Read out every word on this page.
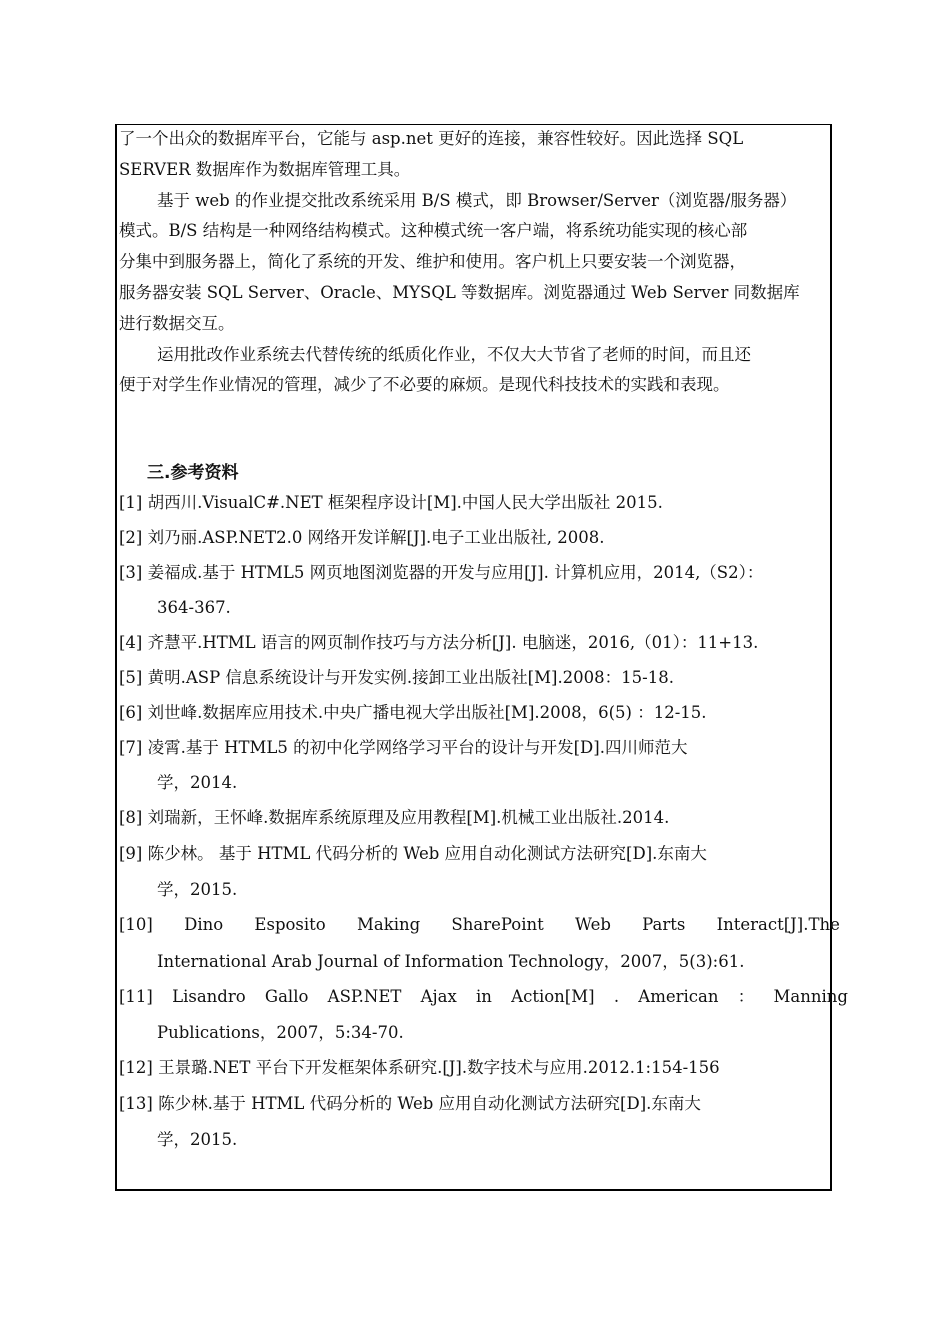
了一个出众的数据库平台，它能与 asp.net 更好的连接，兼容性较好。因此选择 SQL
SERVER 数据库作为数据库管理工具。
基于 web 的作业提交批改系统采用 B/S 模式，即 Browser/Server（浏览器/服务器）
模式。B/S 结构是一种网络结构模式。这种模式统一客户端，将系统功能实现的核心部
分集中到服务器上，简化了系统的开发、维护和使用。客户机上只要安装一个浏览器，
服务器安装 SQL Server、Oracle、MYSQL 等数据库。浏览器通过 Web Server 同数据库
进行数据交互。
运用批改作业系统去代替传统的纸质化作业，不仅大大节省了老师的时间，而且还
便于对学生作业情况的管理，减少了不必要的麻烦。是现代科技技术的实践和表现。
三.参考资料
[1] 胡西川.VisualC#.NET 框架程序设计[M].中国人民大学出版社 2015.
[2] 刘乃丽.ASP.NET2.0 网络开发详解[J].电子工业出版社, 2008.
[3] 姜福成.基于 HTML5 网页地图浏览器的开发与应用[J]. 计算机应用，2014,（S2）：
364-367.
[4] 齐慧平.HTML 语言的网页制作技巧与方法分析[J]. 电脑迷，2016,（01）：11+13.
[5] 黄明.ASP 信息系统设计与开发实例.接卸工业出版社[M].2008：15-18.
[6] 刘世峰.数据库应用技术.中央广播电视大学出版社[M].2008，6(5) ：12-15.
[7] 凌霄.基于 HTML5 的初中化学网络学习平台的设计与开发[D].四川师范大
学，2014.
[8] 刘瑞新，王怀峰.数据库系统原理及应用教程[M].机械工业出版社.2014.
[9] 陈少林。 基于 HTML 代码分析的 Web 应用自动化测试方法研究[D].东南大
学，2015.
[10] Dino Esposito Making SharePoint Web Parts Interact[J].The
International Arab Journal of Information Technology，2007，5(3):61.
[11] Lisandro Gallo ASP.NET Ajax in Action[M] . American ： Manning
Publications，2007，5:34-70.
[12] 王景璐.NET 平台下开发框架体系研究.[J].数字技术与应用.2012.1:154-156
[13] 陈少林.基于 HTML 代码分析的 Web 应用自动化测试方法研究[D].东南大
学，2015.
